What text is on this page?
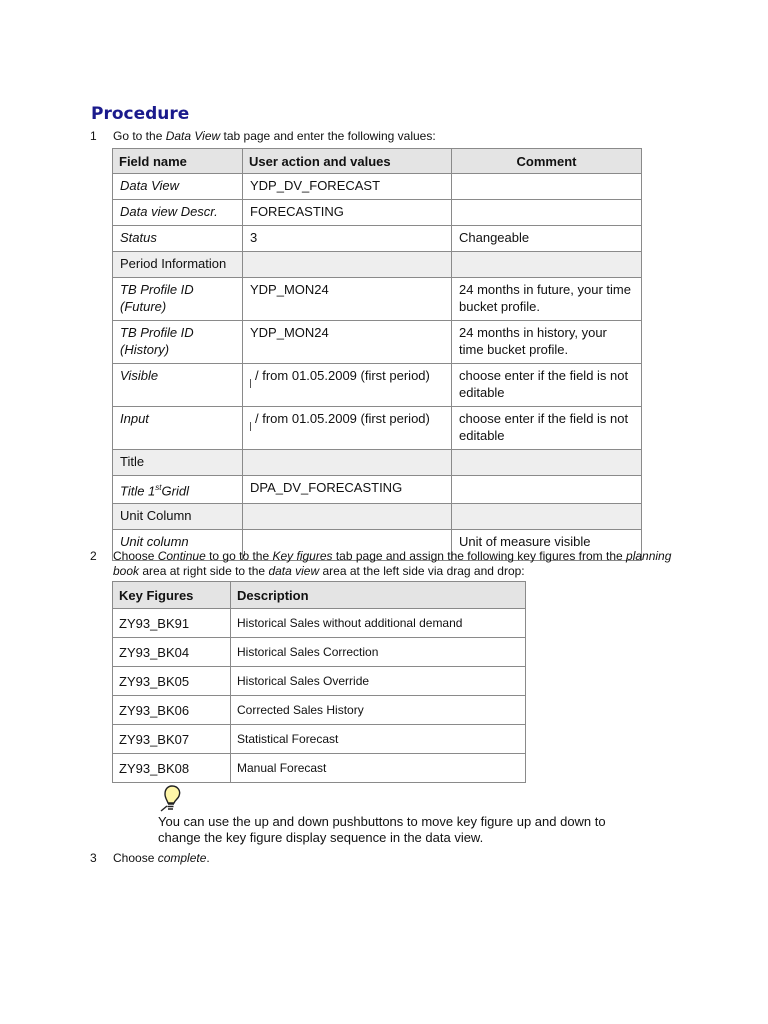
Procedure
1 Go to the Data View tab page and enter the following values:
Field name	User action and values	Comment
Data View	YDP_DV_FORECAST	
Data view Descr.	FORECASTING	
Status	3	Changeable
Period Information		
TB Profile ID (Future)	YDP_MON24	24 months in future, your time bucket profile.
TB Profile ID (History)	YDP_MON24	24 months in history, your time bucket profile.
Visible	/ from 01.05.2009 (first period)	choose enter if the field is not editable
Input	/ from 01.05.2009 (first period)	choose enter if the field is not editable
Title		
Title 1stGridl	DPA_DV_FORECASTING	
Unit Column		
Unit column		Unit of measure visible
2 Choose Continue to go to the Key figures tab page and assign the following key figures from the planning book area at right side to the data view area at the left side via drag and drop:
Key Figures	Description
ZY93_BK91	Historical Sales without additional demand
ZY93_BK04	Historical Sales Correction
ZY93_BK05	Historical Sales Override
ZY93_BK06	Corrected Sales History
ZY93_BK07	Statistical Forecast
ZY93_BK08	Manual Forecast
You can use the up and down pushbuttons to move key figure up and down to change the key figure display sequence in the data view.
3 Choose complete.
